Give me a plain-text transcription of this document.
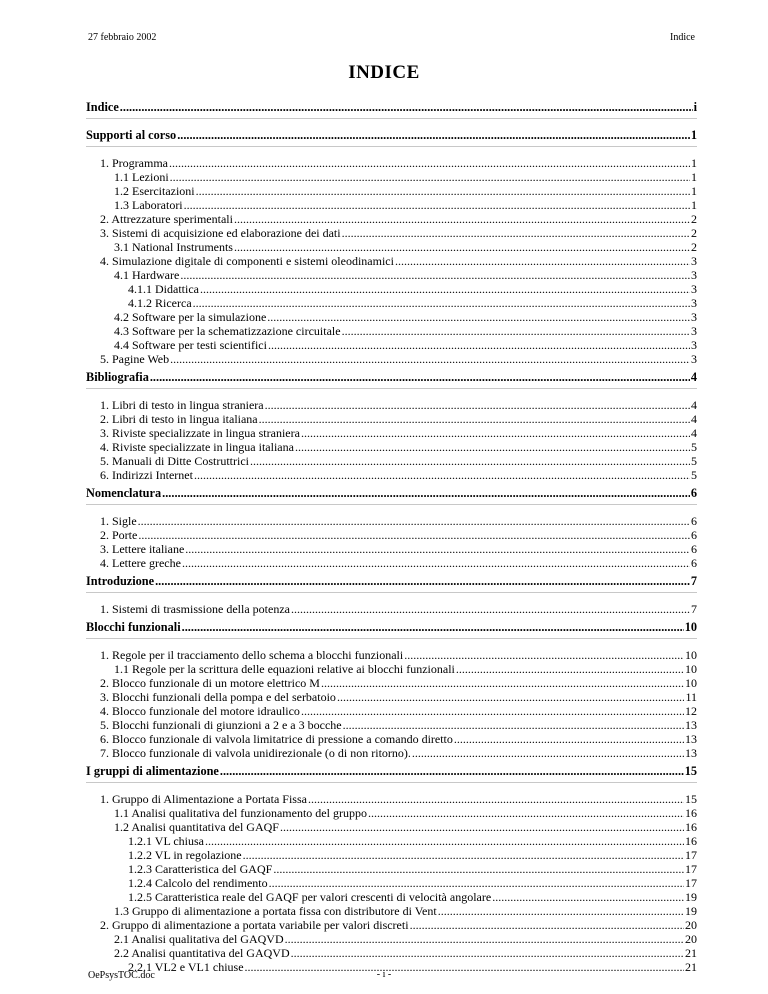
27 febbraio 2002	Indice
INDICE
Indice .....	i
Supporti al corso .....	1
1. Programma .....	1
1.1 Lezioni .....	1
1.2 Esercitazioni .....	1
1.3 Laboratori .....	1
2. Attrezzature sperimentali .....	2
3. Sistemi di acquisizione ed elaborazione dei dati .....	2
3.1 National Instruments .....	2
4. Simulazione digitale di componenti e sistemi oleodinamici .....	3
4.1 Hardware .....	3
4.1.1 Didattica .....	3
4.1.2 Ricerca .....	3
4.2 Software per la simulazione .....	3
4.3 Software per la schematizzazione circuitale .....	3
4.4 Software per testi scientifici .....	3
5. Pagine Web .....	3
Bibliografia .....	4
1. Libri di testo in lingua straniera .....	4
2. Libri di testo in lingua italiana .....	4
3. Riviste specializzate in lingua straniera .....	4
4. Riviste specializzate in lingua italiana .....	5
5. Manuali di Ditte Costruttrici .....	5
6. Indirizzi Internet .....	5
Nomenclatura .....	6
1. Sigle .....	6
2. Porte .....	6
3. Lettere italiane .....	6
4. Lettere greche .....	6
Introduzione .....	7
1. Sistemi di trasmissione della potenza .....	7
Blocchi funzionali .....	10
1. Regole per il tracciamento dello schema a blocchi funzionali .....	10
1.1 Regole per la scrittura delle equazioni relative ai blocchi funzionali .....	10
2. Blocco funzionale di un motore elettrico M .....	10
3. Blocchi funzionali della pompa e del serbatoio .....	11
4. Blocco funzionale del motore idraulico .....	12
5. Blocchi funzionali di giunzioni a 2 e a 3 bocche .....	13
6. Blocco funzionale di valvola limitatrice di pressione a comando diretto .....	13
7. Blocco funzionale di valvola unidirezionale (o di non ritorno). .....	13
I gruppi di alimentazione .....	15
1. Gruppo di Alimentazione a Portata Fissa .....	15
1.1 Analisi qualitativa del funzionamento del gruppo .....	16
1.2 Analisi quantitativa del GAQF .....	16
1.2.1 VL chiusa .....	16
1.2.2 VL in regolazione .....	17
1.2.3 Caratteristica del GAQF .....	17
1.2.4 Calcolo del rendimento .....	17
1.2.5 Caratteristica reale del GAQF per valori crescenti di velocità angolare .....	19
1.3 Gruppo di alimentazione a portata fissa con distributore di Vent .....	19
2. Gruppo di alimentazione a portata variabile per valori discreti .....	20
2.1 Analisi qualitativa del GAQVD .....	20
2.2 Analisi quantitativa del GAQVD .....	21
2.2.1 VL2 e VL1 chiuse .....	21
OePsysTOC.doc	- i -
